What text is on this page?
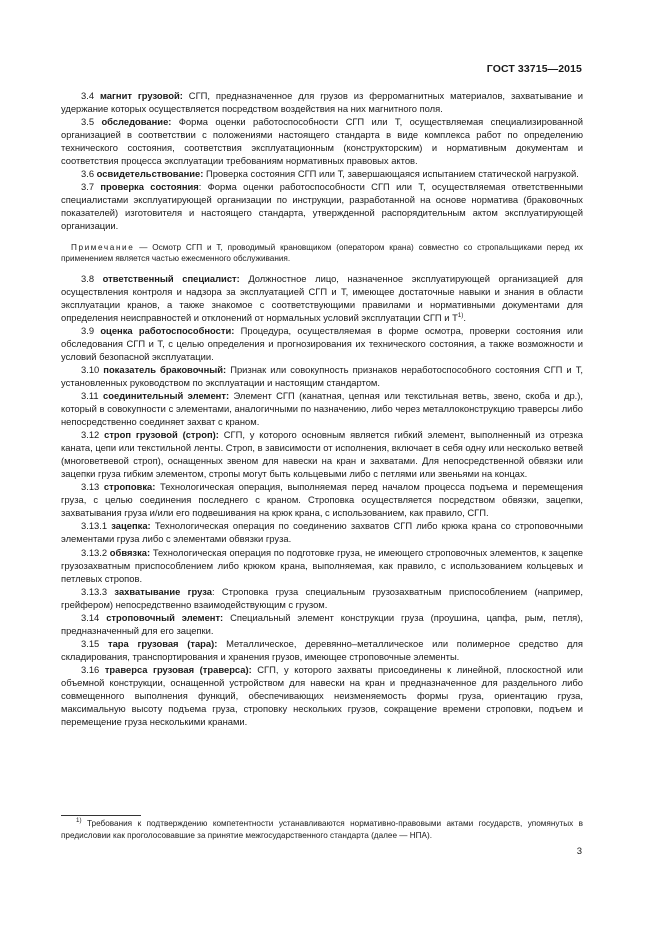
ГОСТ 33715—2015

3.4 магнит грузовой: СГП, предназначенное для грузов из ферромагнитных материалов, захватывание и удержание которых осуществляется посредством воздействия на них магнитного поля.

3.5 обследование: Форма оценки работоспособности СГП или Т, осуществляемая специализированной организацией в соответствии с положениями настоящего стандарта в виде комплекса работ по определению технического состояния, соответствия эксплуатационным (конструкторским) и нормативным документам и соответствия процесса эксплуатации требованиям нормативных правовых актов.

3.6 освидетельствование: Проверка состояния СГП или Т, завершающаяся испытанием статической нагрузкой.

3.7 проверка состояния: Форма оценки работоспособности СГП или Т, осуществляемая ответственными специалистами эксплуатирующей организации по инструкции, разработанной на основе норматива (браковочных показателей) изготовителя и настоящего стандарта, утвержденной распорядительным актом эксплуатирующей организации.

Примечание — Осмотр СГП и Т, проводимый крановщиком (оператором крана) совместно со стропальщиками перед их применением является частью ежесменного обслуживания.

3.8 ответственный специалист: Должностное лицо, назначенное эксплуатирующей организацией для осуществления контроля и надзора за эксплуатацией СГП и Т, имеющее достаточные навыки и знания в области эксплуатации кранов, а также знакомое с соответствующими правилами и нормативными документами для определения неисправностей и отклонений от нормальных условий эксплуатации СГП и $Т^{1)}$.

3.9 оценка работоспособности: Процедура, осуществляемая в форме осмотра, проверки состояния или обследования СГП и Т, с целью определения и прогнозирования их технического состояния, а также возможности и условий безопасной эксплуатации.

3.10 показатель браковочный: Признак или совокупность признаков неработоспособного состояния СГП и Т, установленных руководством по эксплуатации и настоящим стандартом.

3.11 соединительный элемент: Элемент СГП (канатная, цепная или текстильная ветвь, звено, скоба и др.), который в совокупности с элементами, аналогичными по назначению, либо через металлоконструкцию траверсы либо непосредственно соединяет захват с краном.

3.12 строп грузовой (строп): СГП, у которого основным является гибкий элемент, выполненный из отрезка каната, цепи или текстильной ленты. Строп, в зависимости от исполнения, включает в себя одну или несколько ветвей (многоветвевой строп), оснащенных звеном для навески на кран и захватами. Для непосредственной обвязки или зацепки груза гибким элементом, стропы могут быть кольцевыми либо с петлями или звеньями на концах.

3.13 строповка: Технологическая операция, выполняемая перед началом процесса подъема и перемещения груза, с целью соединения последнего с краном. Строповка осуществляется посредством обвязки, зацепки, захватывания груза и/или его подвешивания на крюк крана, с использованием, как правило, СГП.

3.13.1 зацепка: Технологическая операция по соединению захватов СГП либо крюка крана со строповочными элементами груза либо с элементами обвязки груза.

3.13.2 обвязка: Технологическая операция по подготовке груза, не имеющего строповочных элементов, к зацепке грузозахватным приспособлением либо крюком крана, выполняемая, как правило, с использованием кольцевых и петлевых стропов.

3.13.3 захватывание груза: Строповка груза специальным грузозахватным приспособлением (например, грейфером) непосредственно взаимодействующим с грузом.

3.14 строповочный элемент: Специальный элемент конструкции груза (проушина, цапфа, рым, петля), предназначенный для его зацепки.

3.15 тара грузовая (тара): Металлическое, деревянно–металлическое или полимерное средство для складирования, транспортирования и хранения грузов, имеющее строповочные элементы.

3.16 траверса грузовая (траверса): СГП, у которого захваты присоединены к линейной, плоскостной или объемной конструкции, оснащенной устройством для навески на кран и предназначенное для раздельного либо совмещенного выполнения функций, обеспечивающих неизменяемость формы груза, ориентацию груза, максимальную высоту подъема груза, строповку нескольких грузов, сокращение времени строповки, подъем и перемещение груза несколькими кранами.

$^{1)}$ Требования к подтверждению компетентности устанавливаются нормативно-правовыми актами государств, упомянутых в предисловии как проголосовавшие за принятие межгосударственного стандарта (далее — НПА).
3
